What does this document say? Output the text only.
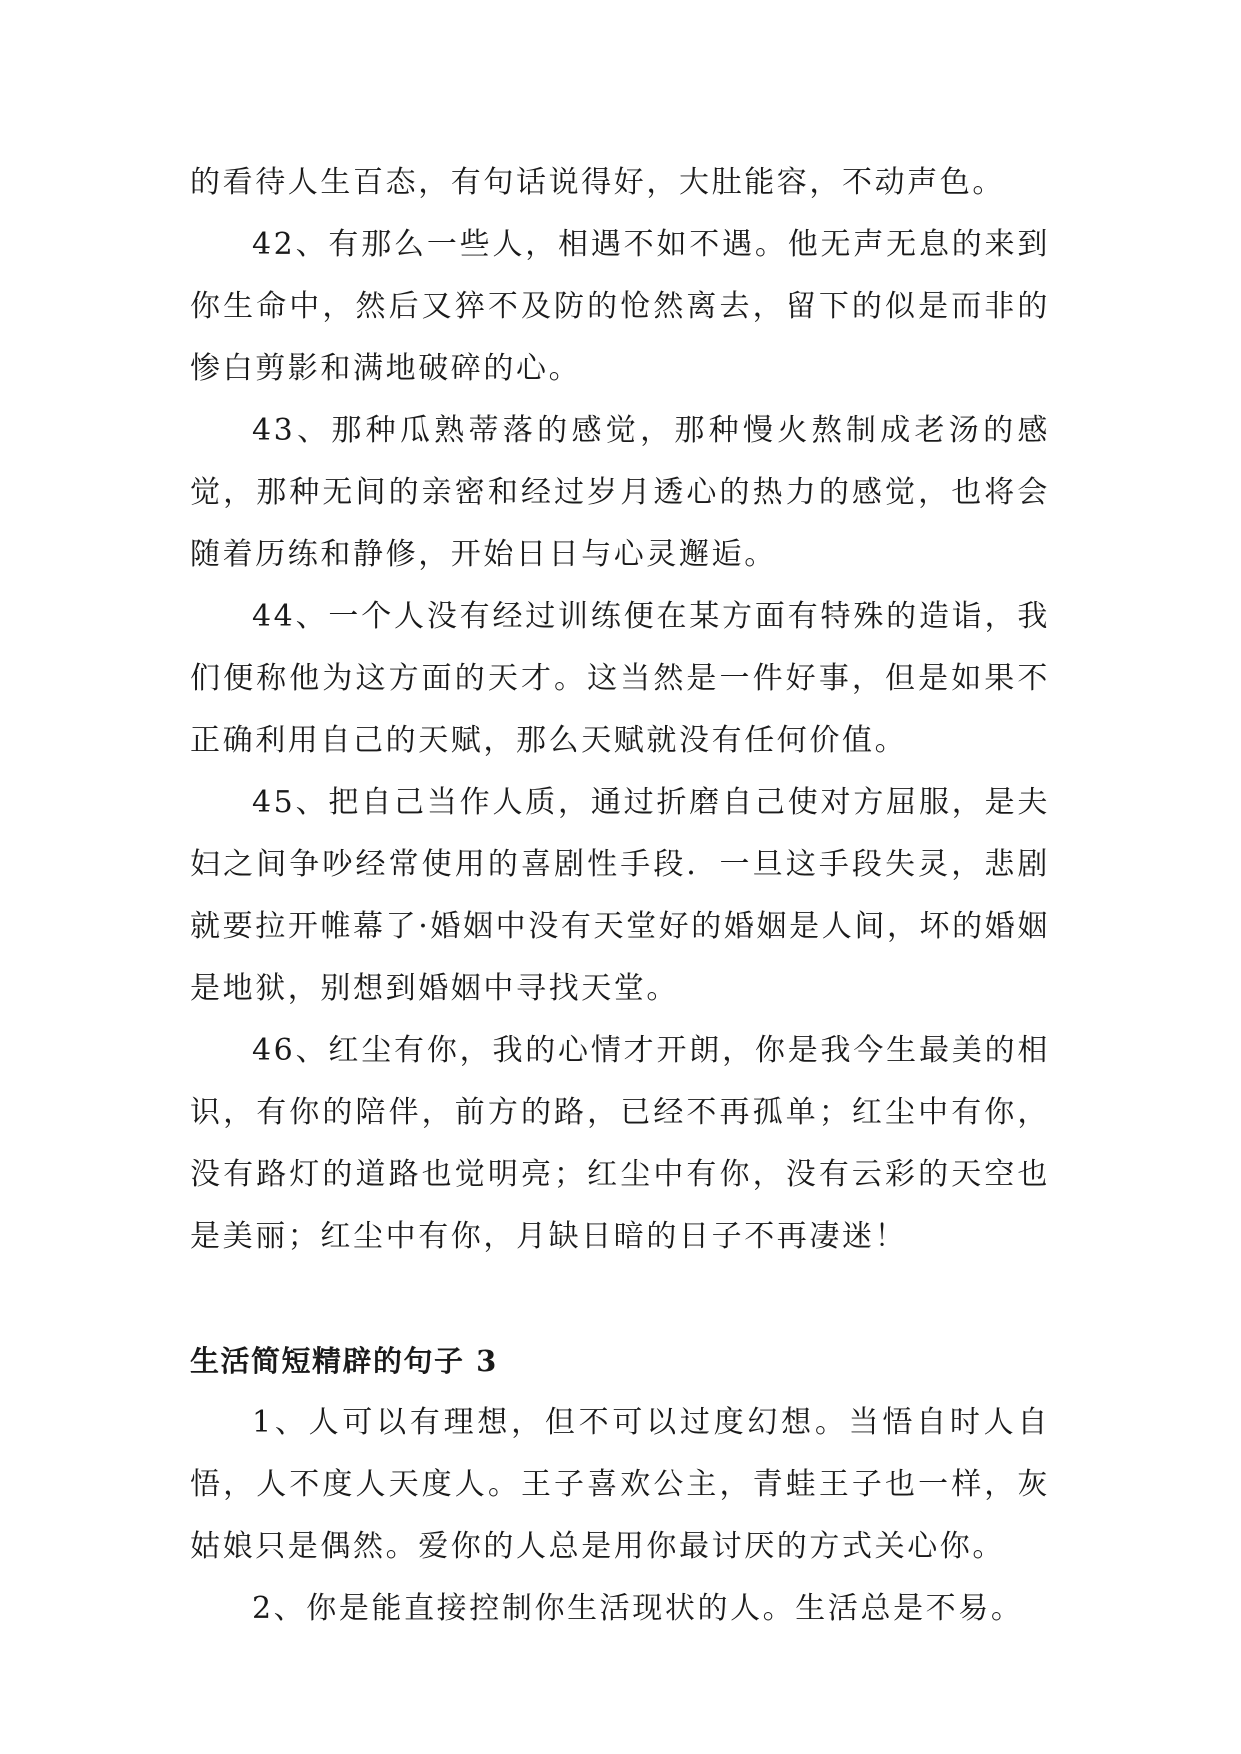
的看待人生百态，有句话说得好，大肚能容，不动声色。

42、有那么一些人，相遇不如不遇。他无声无息的来到你生命中，然后又猝不及防的怆然离去，留下的似是而非的惨白剪影和满地破碎的心。

43、那种瓜熟蒂落的感觉，那种慢火熬制成老汤的感觉，那种无间的亲密和经过岁月透心的热力的感觉，也将会随着历练和静修，开始日日与心灵邂逅。

44、一个人没有经过训练便在某方面有特殊的造诣，我们便称他为这方面的天才。这当然是一件好事，但是如果不正确利用自己的天赋，那么天赋就没有任何价值。

45、把自己当作人质，通过折磨自己使对方屈服，是夫妇之间争吵经常使用的喜剧性手段．一旦这手段失灵，悲剧就要拉开帷幕了·婚姻中没有天堂好的婚姻是人间，坏的婚姻是地狱，别想到婚姻中寻找天堂。

46、红尘有你，我的心情才开朗，你是我今生最美的相识，有你的陪伴，前方的路，已经不再孤单；红尘中有你，没有路灯的道路也觉明亮；红尘中有你，没有云彩的天空也是美丽；红尘中有你，月缺日暗的日子不再凄迷！

生活简短精辟的句子 3

1、人可以有理想，但不可以过度幻想。当悟自时人自悟，人不度人天度人。王子喜欢公主，青蛙王子也一样，灰姑娘只是偶然。爱你的人总是用你最讨厌的方式关心你。

2、你是能直接控制你生活现状的人。生活总是不易。
